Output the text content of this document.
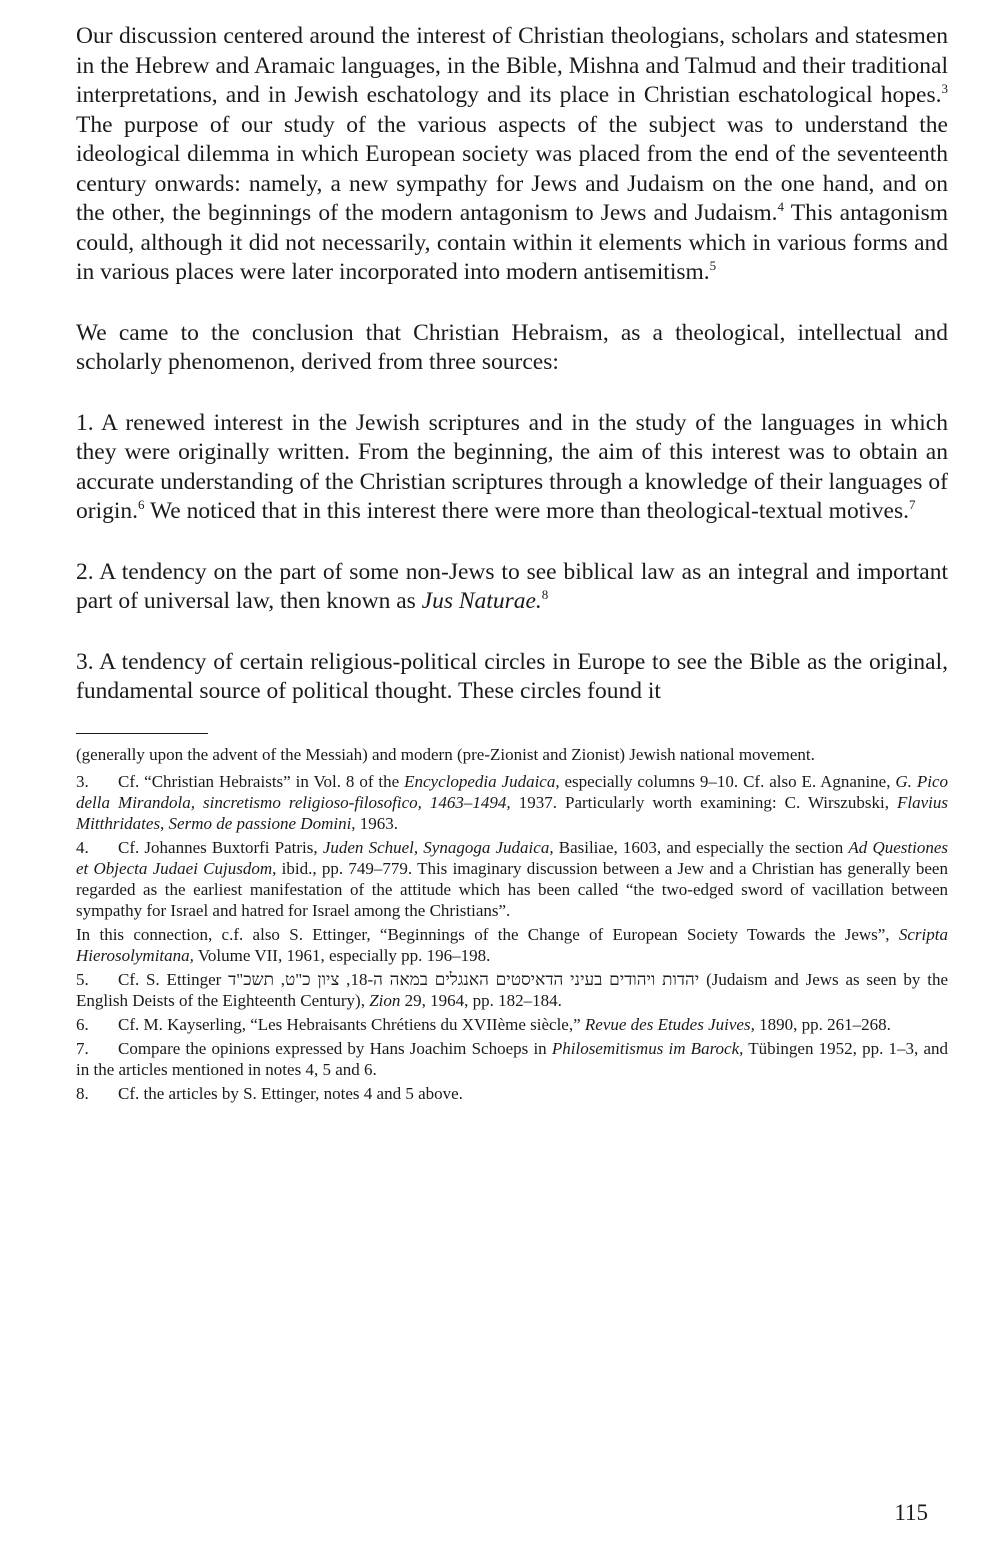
Our discussion centered around the interest of Christian theologians, scholars and statesmen in the Hebrew and Aramaic languages, in the Bible, Mishna and Talmud and their traditional interpretations, and in Jewish eschatology and its place in Christian eschatological hopes.$^3$ The purpose of our study of the various aspects of the subject was to understand the ideological dilemma in which European society was placed from the end of the seventeenth century onwards: namely, a new sympathy for Jews and Judaism on the one hand, and on the other, the beginnings of the modern antagonism to Jews and Judaism.$^4$ This antagonism could, although it did not necessarily, contain within it elements which in various forms and in various places were later incorporated into modern antisemitism.$^5$

We came to the conclusion that Christian Hebraism, as a theological, intellectual and scholarly phenomenon, derived from three sources:

1. A renewed interest in the Jewish scriptures and in the study of the languages in which they were originally written. From the beginning, the aim of this interest was to obtain an accurate understanding of the Christian scriptures through a knowledge of their languages of origin.$^6$ We noticed that in this interest there were more than theological-textual motives.$^7$

2. A tendency on the part of some non-Jews to see biblical law as an integral and important part of universal law, then known as Jus Naturae.$^8$

3. A tendency of certain religious-political circles in Europe to see the Bible as the original, fundamental source of political thought. These circles found it

(generally upon the advent of the Messiah) and modern (pre-Zionist and Zionist) Jewish national movement.

3. Cf. “Christian Hebraists” in Vol. 8 of the Encyclopedia Judaica, especially columns 9–10. Cf. also E. Agnanine, G. Pico della Mirandola, sincretismo religioso-filosofico, 1463–1494, 1937. Particularly worth examining: C. Wirszubski, Flavius Mitthridates, Sermo de passione Domini, 1963.

4. Cf. Johannes Buxtorfi Patris, Juden Schuel, Synagoga Judaica, Basiliae, 1603, and especially the section Ad Questiones et Objecta Judaei Cujusdom, ibid., pp. 749–779. This imaginary discussion between a Jew and a Christian has generally been regarded as the earliest manifestation of the attitude which has been called “the two-edged sword of vacillation between sympathy for Israel and hatred for Israel among the Christians”.

In this connection, c.f. also S. Ettinger, “Beginnings of the Change of European Society Towards the Jews”, Scripta Hierosolymitana, Volume VII, 1961, especially pp. 196–198.

5. Cf. S. Ettinger יהדות ויהודים בעיני הדאיסטים האנגלים במאה ה-18, ציון כ"ט, תשכ"ד (Judaism and Jews as seen by the English Deists of the Eighteenth Century), Zion 29, 1964, pp. 182–184.

6. Cf. M. Kayserling, “Les Hebraisants Chrétiens du XVIIème siècle,” Revue des Etudes Juives, 1890, pp. 261–268.

7. Compare the opinions expressed by Hans Joachim Schoeps in Philosemitismus im Barock, Tübingen 1952, pp. 1–3, and in the articles mentioned in notes 4, 5 and 6.

8. Cf. the articles by S. Ettinger, notes 4 and 5 above.

115
